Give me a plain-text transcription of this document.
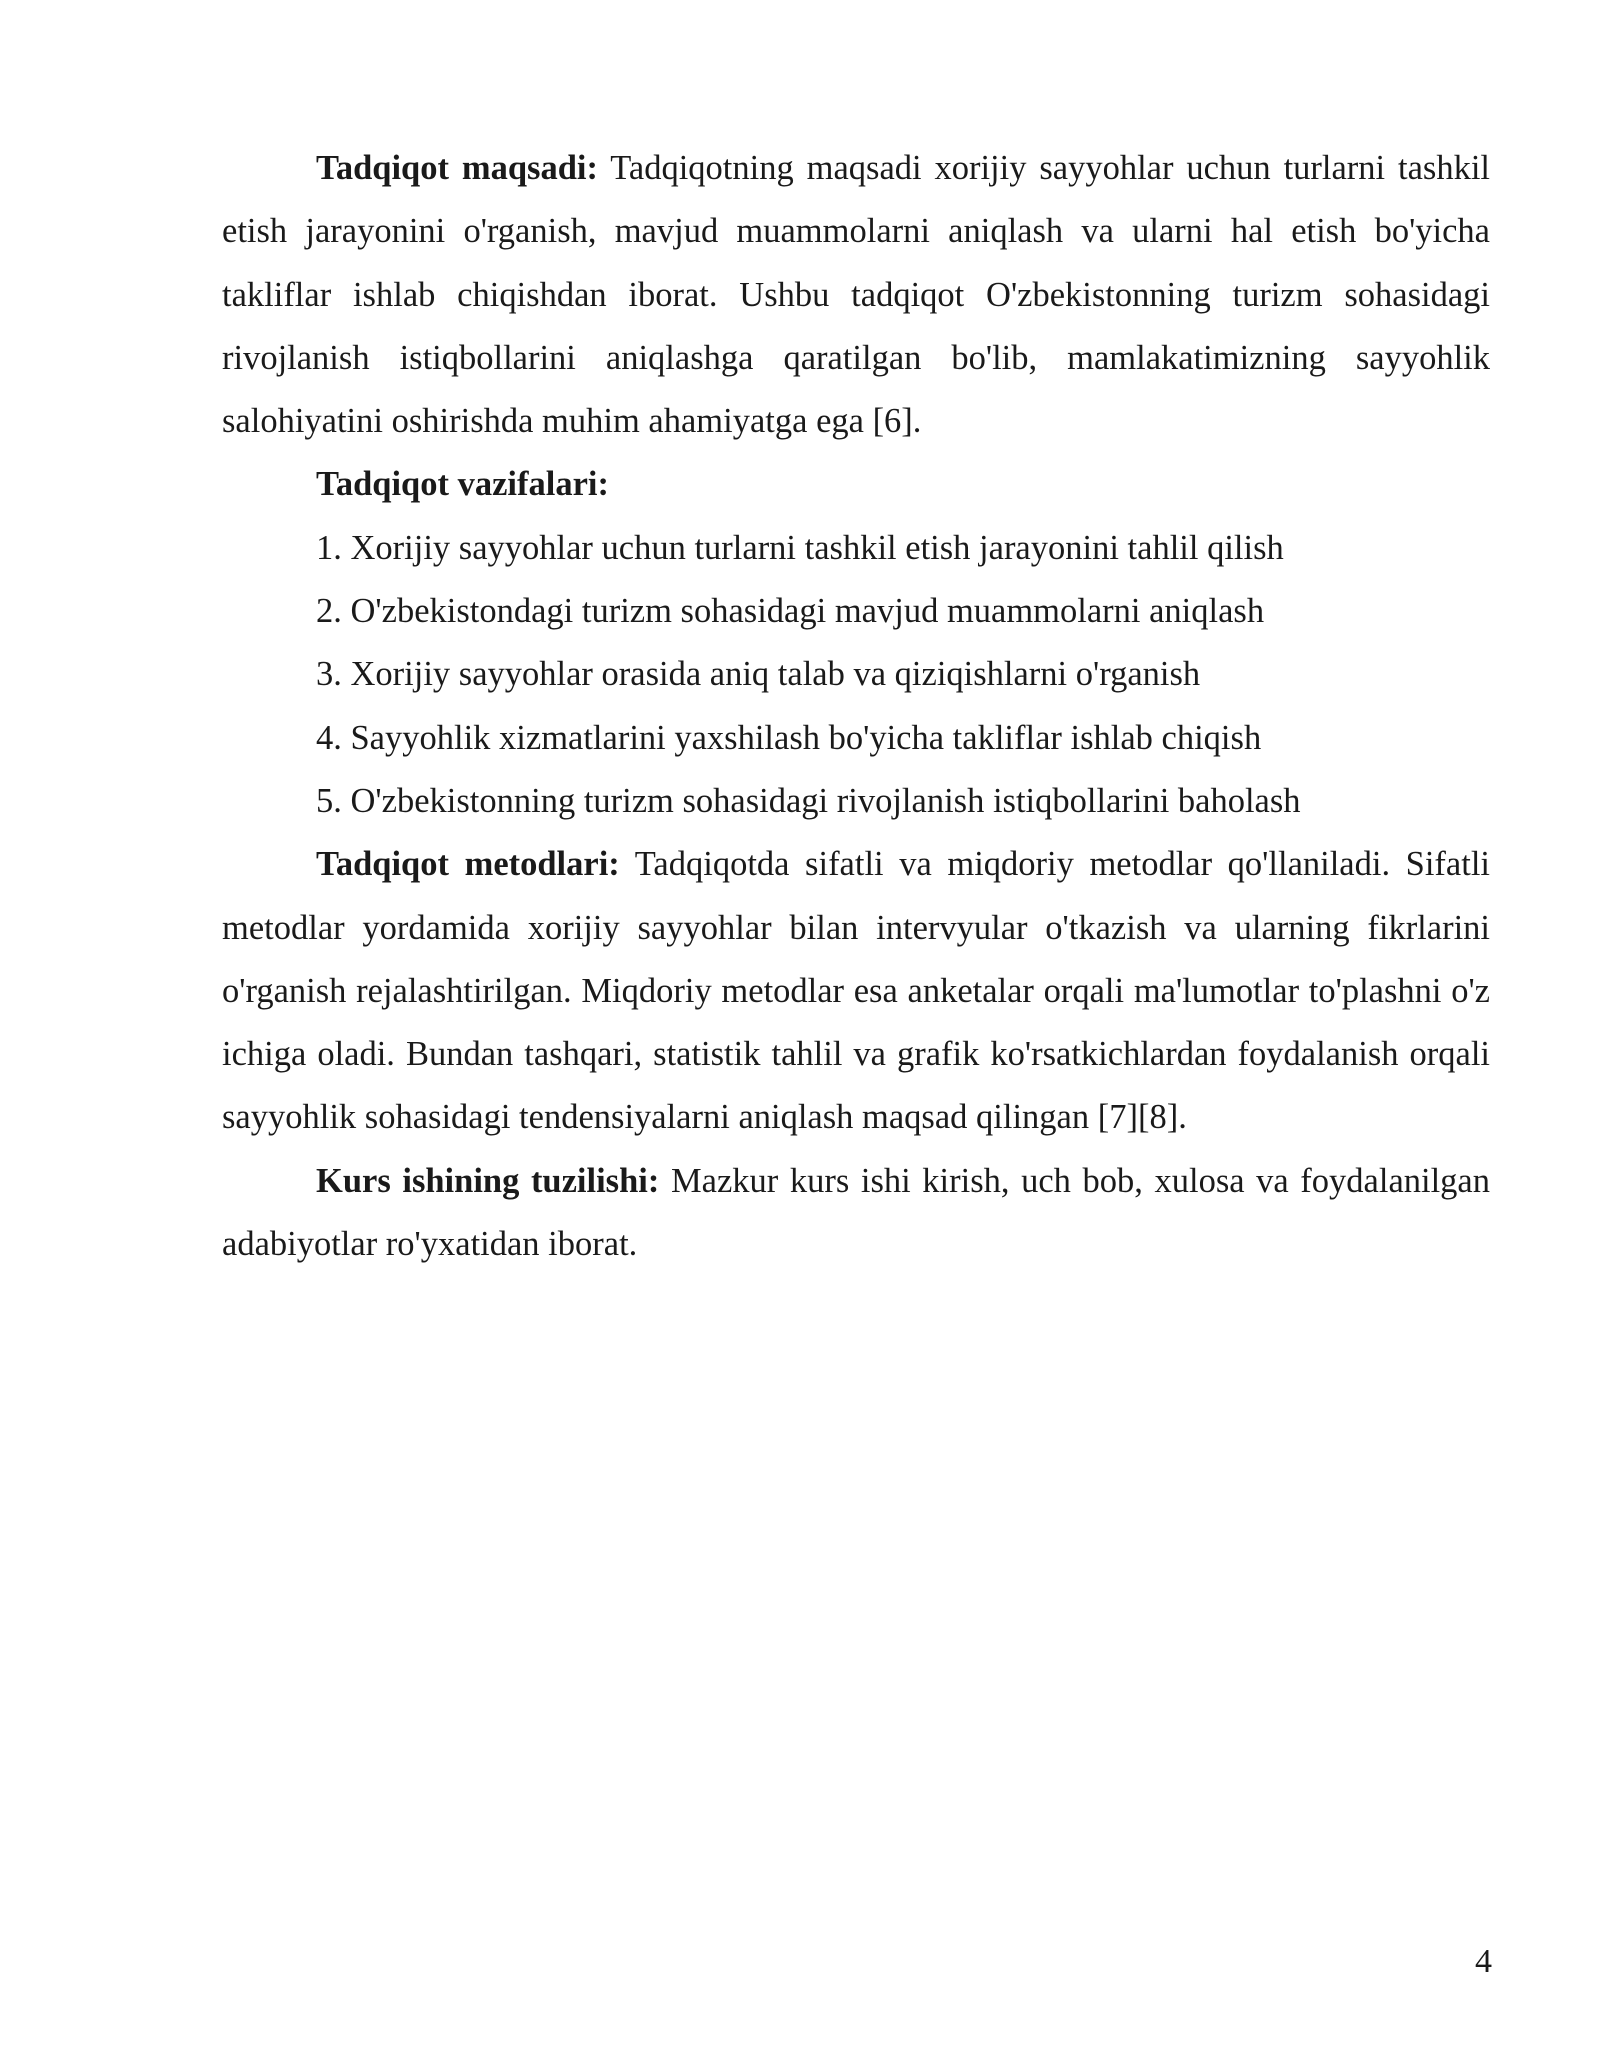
Tadqiqot maqsadi: Tadqiqotning maqsadi xorijiy sayyohlar uchun turlarni tashkil etish jarayonini o'rganish, mavjud muammolarni aniqlash va ularni hal etish bo'yicha takliflar ishlab chiqishdan iborat. Ushbu tadqiqot O'zbekistonning turizm sohasidagi rivojlanish istiqbollarini aniqlashga qaratilgan bo'lib, mamlakatimizning sayyohlik salohiyatini oshirishda muhim ahamiyatga ega [6].

Tadqiqot vazifalari:

1. Xorijiy sayyohlar uchun turlarni tashkil etish jarayonini tahlil qilish

2. O'zbekistondagi turizm sohasidagi mavjud muammolarni aniqlash

3. Xorijiy sayyohlar orasida aniq talab va qiziqishlarni o'rganish

4. Sayyohlik xizmatlarini yaxshilash bo'yicha takliflar ishlab chiqish

5. O'zbekistonning turizm sohasidagi rivojlanish istiqbollarini baholash

Tadqiqot metodlari: Tadqiqotda sifatli va miqdoriy metodlar qo'llaniladi. Sifatli metodlar yordamida xorijiy sayyohlar bilan intervyular o'tkazish va ularning fikrlarini o'rganish rejalashtirilgan. Miqdoriy metodlar esa anketalar orqali ma'lumotlar to'plashni o'z ichiga oladi. Bundan tashqari, statistik tahlil va grafik ko'rsatkichlardan foydalanish orqali sayyohlik sohasidagi tendensiyalarni aniqlash maqsad qilingan [7][8].

Kurs ishining tuzilishi: Mazkur kurs ishi kirish, uch bob, xulosa va foydalanilgan adabiyotlar ro'yxatidan iborat.

4
